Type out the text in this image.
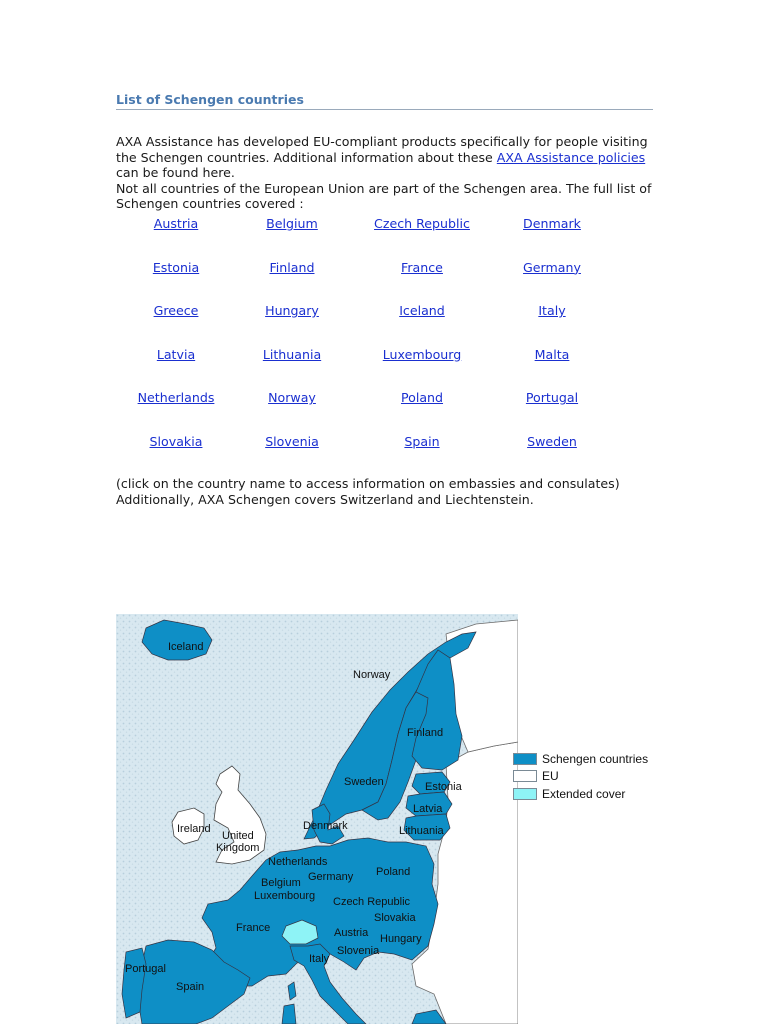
List of Schengen countries
AXA Assistance has developed EU-compliant products specifically for people visiting the Schengen countries. Additional information about these AXA Assistance policies can be found here.
Not all countries of the European Union are part of the Schengen area. The full list of Schengen countries covered :
Austria	Belgium	Czech Republic	Denmark
Estonia	Finland	France	Germany
Greece	Hungary	Iceland	Italy
Latvia	Lithuania	Luxembourg	Malta
Netherlands	Norway	Poland	Portugal
Slovakia	Slovenia	Spain	Sweden
(click on the country name to access information on embassies and consulates)
Additionally, AXA Schengen covers Switzerland and Liechtenstein.
Iceland
Norway
Finland
Sweden	Estonia
Latvia
Lithuania
Ireland
United
Kingdom
Denmark
Netherlands
Belgium Germany
Luxembourg
Poland
Czech Republic
Slovakia
France	Austria Hungary
Slovenia
Italy
Portugal
Spain
Schengen countries
EU
Extended cover
